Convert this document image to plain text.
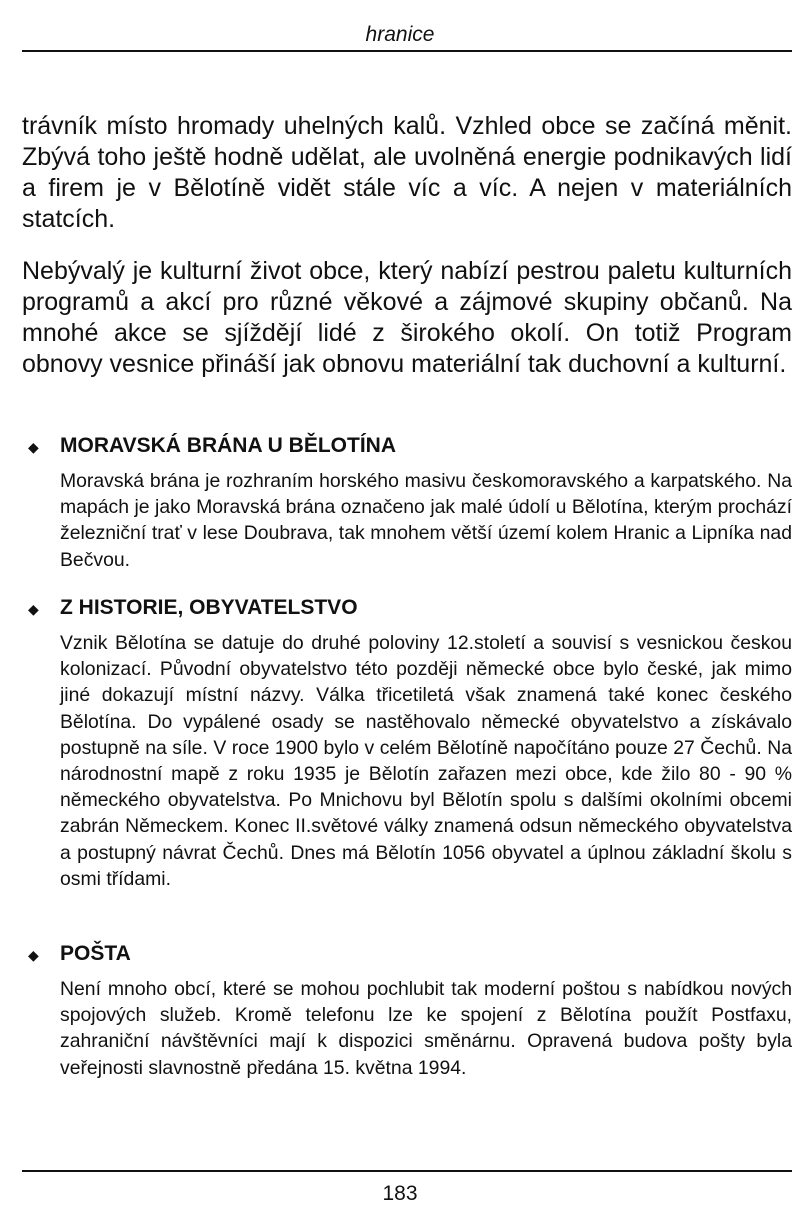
hranice

trávník místo hromady uhelných kalů. Vzhled obce se začíná měnit. Zbývá toho ještě hodně udělat, ale uvolněná energie podnikavých lidí a firem je v Bělotíně vidět stále víc a víc. A nejen v materiálních statcích.

Nebývalý je kulturní život obce, který nabízí pestrou paletu kulturních programů a akcí pro různé věkové a zájmové skupiny občanů. Na mnohé akce se sjíždějí lidé z širokého okolí. On totiž Program obnovy vesnice přináší jak obnovu materiální tak duchovní a kulturní.

◆ MORAVSKÁ BRÁNA U BĚLOTÍNA
Moravská brána je rozhraním horského masivu českomoravského a karpatského. Na mapách je jako Moravská brána označeno jak malé údolí u Bělotína, kterým prochází železniční trať v lese Doubrava, tak mnohem větší území kolem Hranic a Lipníka nad Bečvou.
◆ Z HISTORIE, OBYVATELSTVO
Vznik Bělotína se datuje do druhé poloviny 12.století a souvisí s vesnickou českou kolonizací. Původní obyvatelstvo této později německé obce bylo české, jak mimo jiné dokazují místní názvy. Válka třicetiletá však znamená také konec českého Bělotína. Do vypálené osady se nastěhovalo německé obyvatelstvo a získávalo postupně na síle. V roce 1900 bylo v celém Bělotíně napočítáno pouze 27 Čechů. Na národnostní mapě z roku 1935 je Bělotín zařazen mezi obce, kde žilo 80 - 90 % německého obyvatelstva. Po Mnichovu byl Bělotín spolu s dalšími okolními obcemi zabrán Německem. Konec II.světové války znamená odsun německého obyvatelstva a postupný návrat Čechů. Dnes má Bělotín 1056 obyvatel a úplnou základní školu s osmi třídami.
◆ POŠTA
Není mnoho obcí, které se mohou pochlubit tak moderní poštou s nabídkou nových spojových služeb. Kromě telefonu lze ke spojení z Bělotína použít Postfaxu, zahraniční návštěvníci mají k dispozici směnárnu. Opravená budova pošty byla veřejnosti slavnostně předána 15. května 1994.
183
